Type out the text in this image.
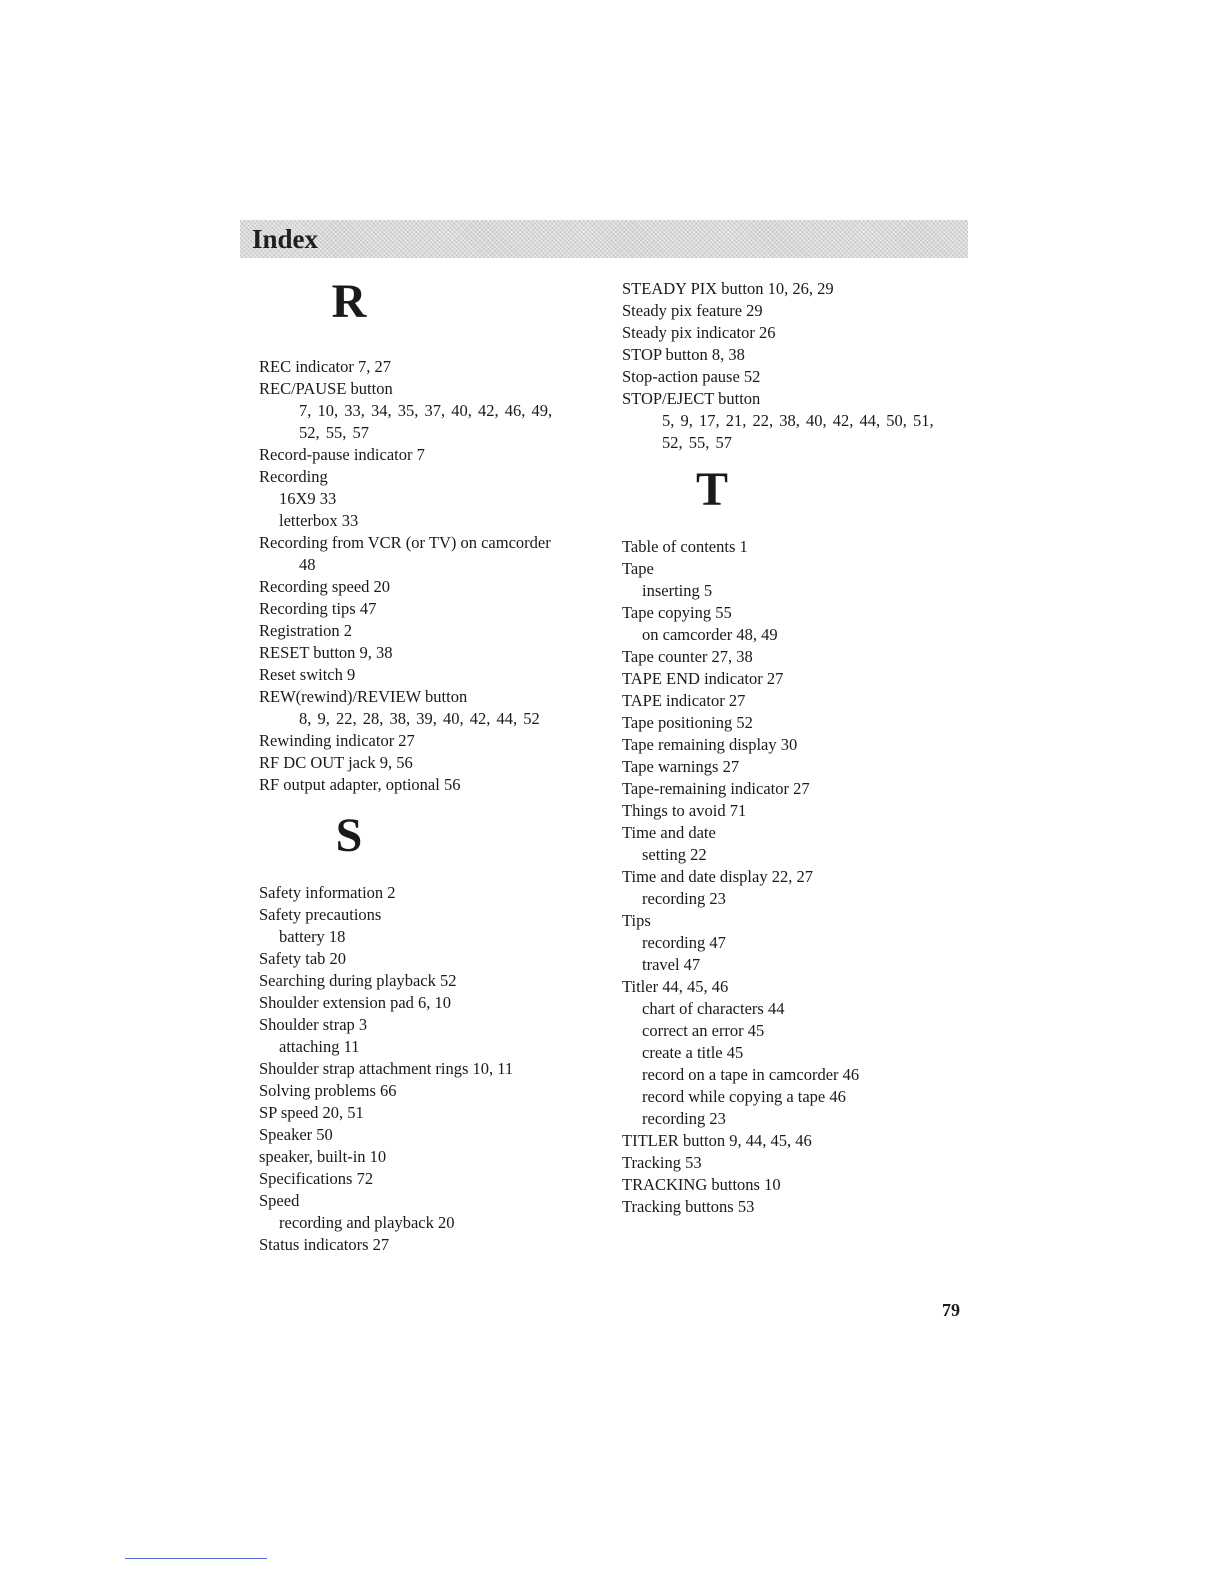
Index
R
REC indicator 7, 27
REC/PAUSE button
7, 10, 33, 34, 35, 37, 40, 42, 46, 49,
52, 55, 57
Record-pause indicator 7
Recording
16X9 33
letterbox 33
Recording from VCR (or TV) on camcorder
48
Recording speed 20
Recording tips 47
Registration 2
RESET button 9, 38
Reset switch 9
REW(rewind)/REVIEW button
8, 9, 22, 28, 38, 39, 40, 42, 44, 52
Rewinding indicator 27
RF DC OUT jack 9, 56
RF output adapter, optional 56
S
Safety information 2
Safety precautions
battery 18
Safety tab 20
Searching during playback 52
Shoulder extension pad 6, 10
Shoulder strap 3
attaching 11
Shoulder strap attachment rings 10, 11
Solving problems 66
SP speed 20, 51
Speaker 50
speaker, built-in 10
Specifications 72
Speed
recording and playback 20
Status indicators 27
STEADY PIX button 10, 26, 29
Steady pix feature 29
Steady pix indicator 26
STOP button 8, 38
Stop-action pause 52
STOP/EJECT button
5, 9, 17, 21, 22, 38, 40, 42, 44, 50, 51,
52, 55, 57
T
Table of contents 1
Tape
inserting 5
Tape copying 55
on camcorder 48, 49
Tape counter 27, 38
TAPE END indicator 27
TAPE indicator 27
Tape positioning 52
Tape remaining display 30
Tape warnings 27
Tape-remaining indicator 27
Things to avoid 71
Time and date
setting 22
Time and date display 22, 27
recording 23
Tips
recording 47
travel 47
Titler 44, 45, 46
chart of characters 44
correct an error 45
create a title 45
record on a tape in camcorder 46
record while copying a tape 46
recording 23
TITLER button 9, 44, 45, 46
Tracking 53
TRACKING buttons 10
Tracking buttons 53
79
